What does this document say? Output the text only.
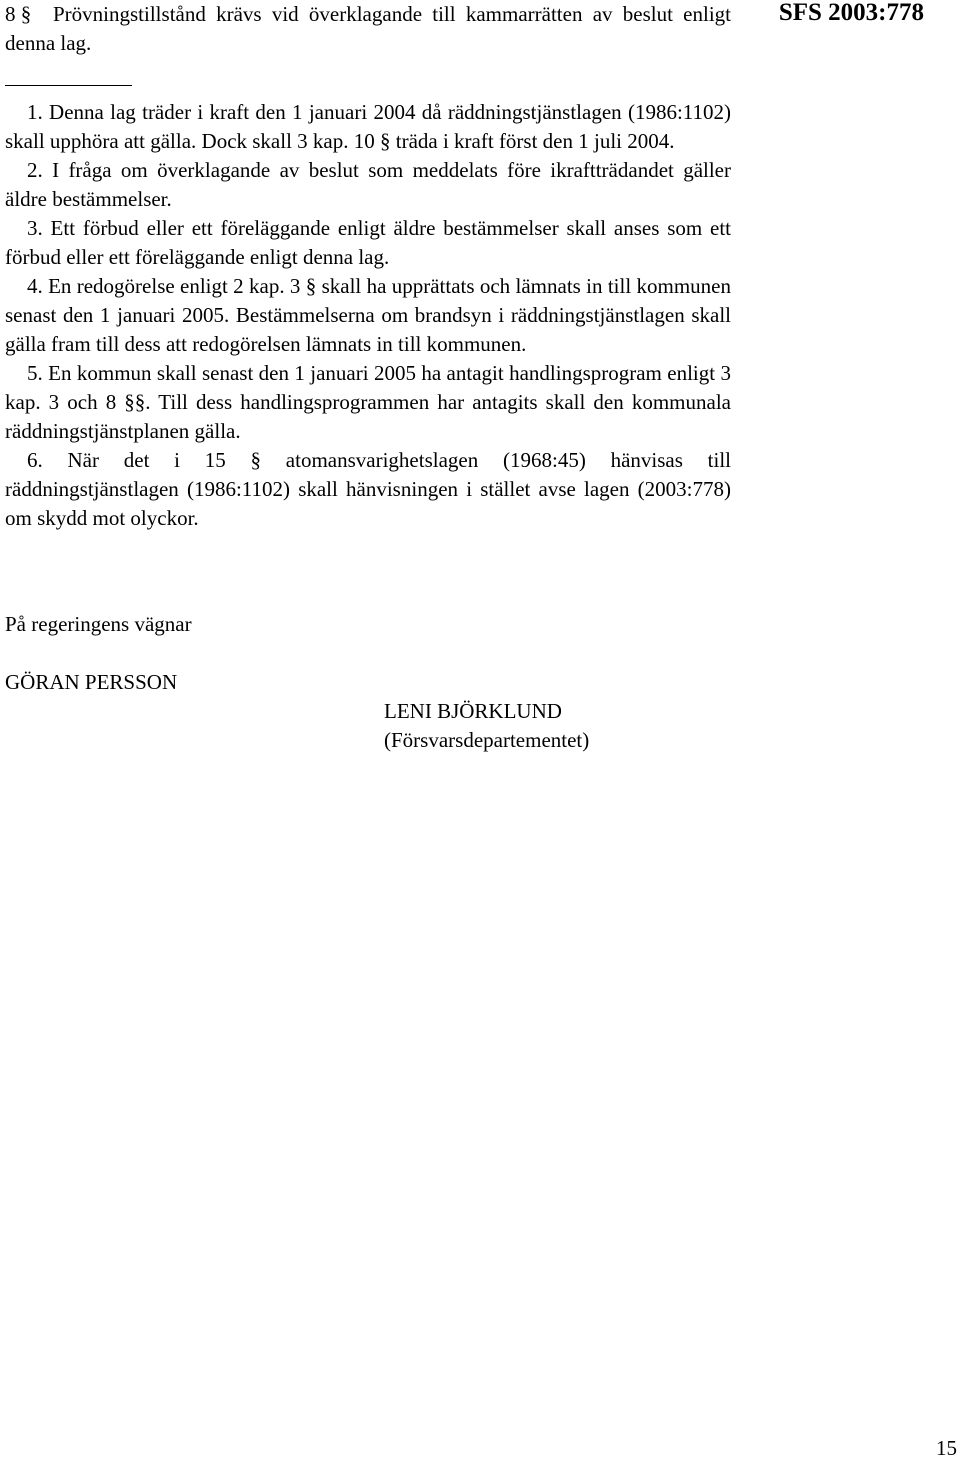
SFS 2003:778

8 § Prövningstillstånd krävs vid överklagande till kammarrätten av beslut enligt denna lag.

1. Denna lag träder i kraft den 1 januari 2004 då räddningstjänstlagen (1986:1102) skall upphöra att gälla. Dock skall 3 kap. 10 § träda i kraft först den 1 juli 2004.

2. I fråga om överklagande av beslut som meddelats före ikraftträdandet gäller äldre bestämmelser.

3. Ett förbud eller ett föreläggande enligt äldre bestämmelser skall anses som ett förbud eller ett föreläggande enligt denna lag.

4. En redogörelse enligt 2 kap. 3 § skall ha upprättats och lämnats in till kommunen senast den 1 januari 2005. Bestämmelserna om brandsyn i räddningstjänstlagen skall gälla fram till dess att redogörelsen lämnats in till kommunen.

5. En kommun skall senast den 1 januari 2005 ha antagit handlingsprogram enligt 3 kap. 3 och 8 §§. Till dess handlingsprogrammen har antagits skall den kommunala räddningstjänstplanen gälla.

6. När det i 15 § atomansvarighetslagen (1968:45) hänvisas till räddningstjänstlagen (1986:1102) skall hänvisningen i stället avse lagen (2003:778) om skydd mot olyckor.

På regeringens vägnar
GÖRAN PERSSON
LENI BJÖRKLUND
(Försvarsdepartementet)
15
